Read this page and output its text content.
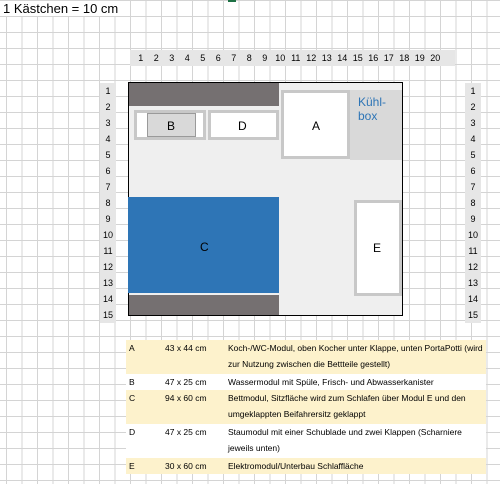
1 Kästchen = 10 cm
1	2	3	4	5	6	7	8	9 10 11 12 13 14 15 16 17 18 19 20
1
2
3
4
5
6
7
8
9
10
11
12
13
14
15
1
2
3
4
5
6
7
8
9
10
11
12
13
14
15
A
Kühl-
box
B	D
C	E
A	43 x 44 cm	Koch-/WC-Modul, oben Kocher unter Klappe, unten PortaPotti (wird zur Nutzung zwischen die Bettteile gestellt)
B	47 x 25 cm	Wassermodul mit Spüle, Frisch- und Abwasserkanister
C	94 x 60 cm	Bettmodul, Sitzfläche wird zum Schlafen über Modul E und den umgeklappten Beifahrersitz geklappt
D	47 x 25 cm	Staumodul mit einer Schublade und zwei Klappen (Scharniere jeweils unten)
E	30 x 60 cm	Elektromodul/Unterbau Schlaffläche
